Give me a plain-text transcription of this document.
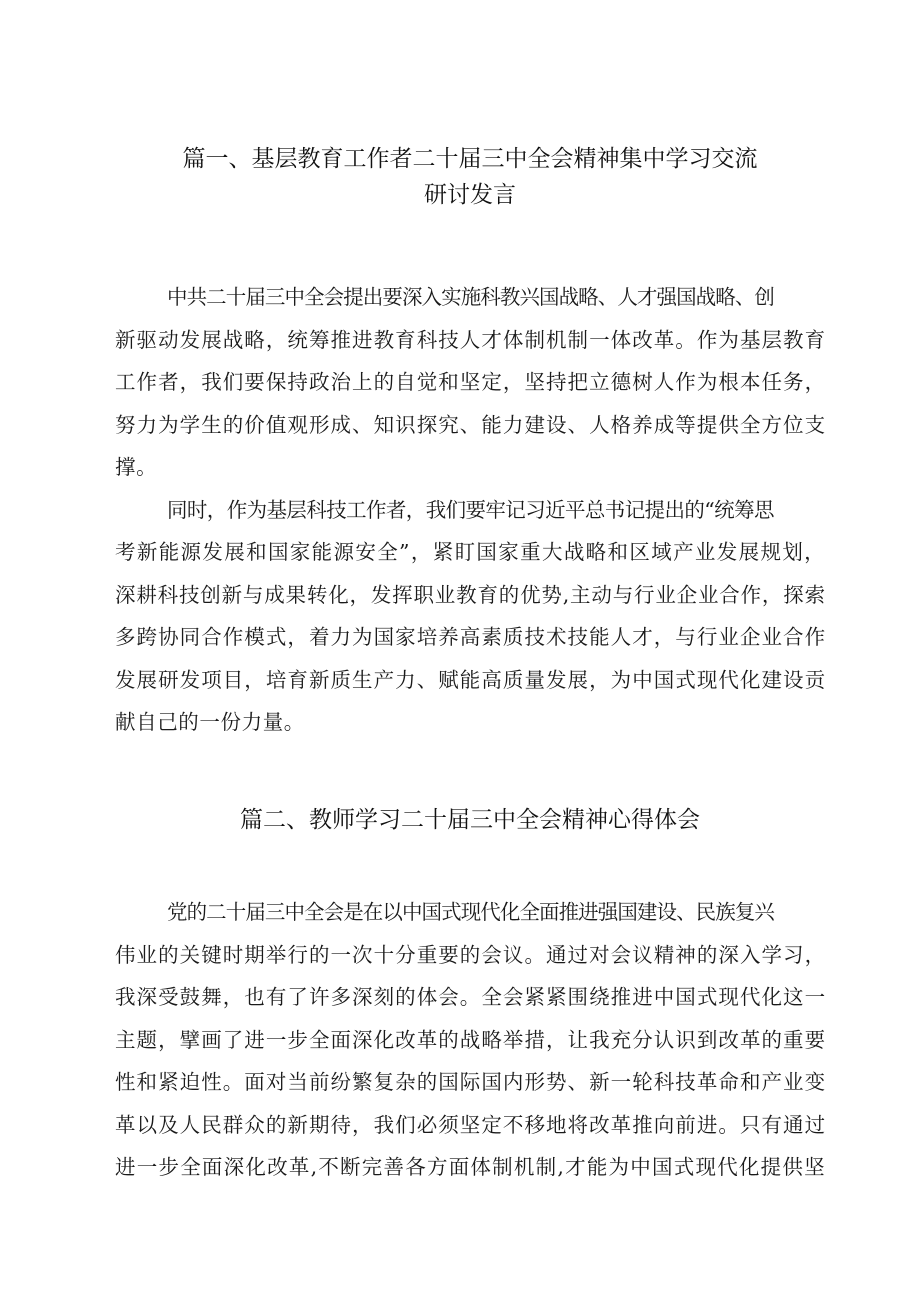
篇一、基层教育工作者二十届三中全会精神集中学习交流
研讨发言

中共二十届三中全会提出要深入实施科教兴国战略、人才强国战略、创
新驱动发展战略，统筹推进教育科技人才体制机制一体改革。作为基层教育
工作者，我们要保持政治上的自觉和坚定，坚持把立德树人作为根本任务，
努力为学生的价值观形成、知识探究、能力建设、人格养成等提供全方位支
撑。

同时，作为基层科技工作者，我们要牢记习近平总书记提出的“统筹思
考新能源发展和国家能源安全”，紧盯国家重大战略和区域产业发展规划，
深耕科技创新与成果转化，发挥职业教育的优势,主动与行业企业合作，探索
多跨协同合作模式，着力为国家培养高素质技术技能人才，与行业企业合作
发展研发项目，培育新质生产力、赋能高质量发展，为中国式现代化建设贡
献自己的一份力量。

篇二、教师学习二十届三中全会精神心得体会

党的二十届三中全会是在以中国式现代化全面推进强国建设、民族复兴
伟业的关键时期举行的一次十分重要的会议。通过对会议精神的深入学习，
我深受鼓舞，也有了许多深刻的体会。全会紧紧围绕推进中国式现代化这一
主题，擘画了进一步全面深化改革的战略举措，让我充分认识到改革的重要
性和紧迫性。面对当前纷繁复杂的国际国内形势、新一轮科技革命和产业变
革以及人民群众的新期待，我们必须坚定不移地将改革推向前进。只有通过
进一步全面深化改革,不断完善各方面体制机制,才能为中国式现代化提供坚
